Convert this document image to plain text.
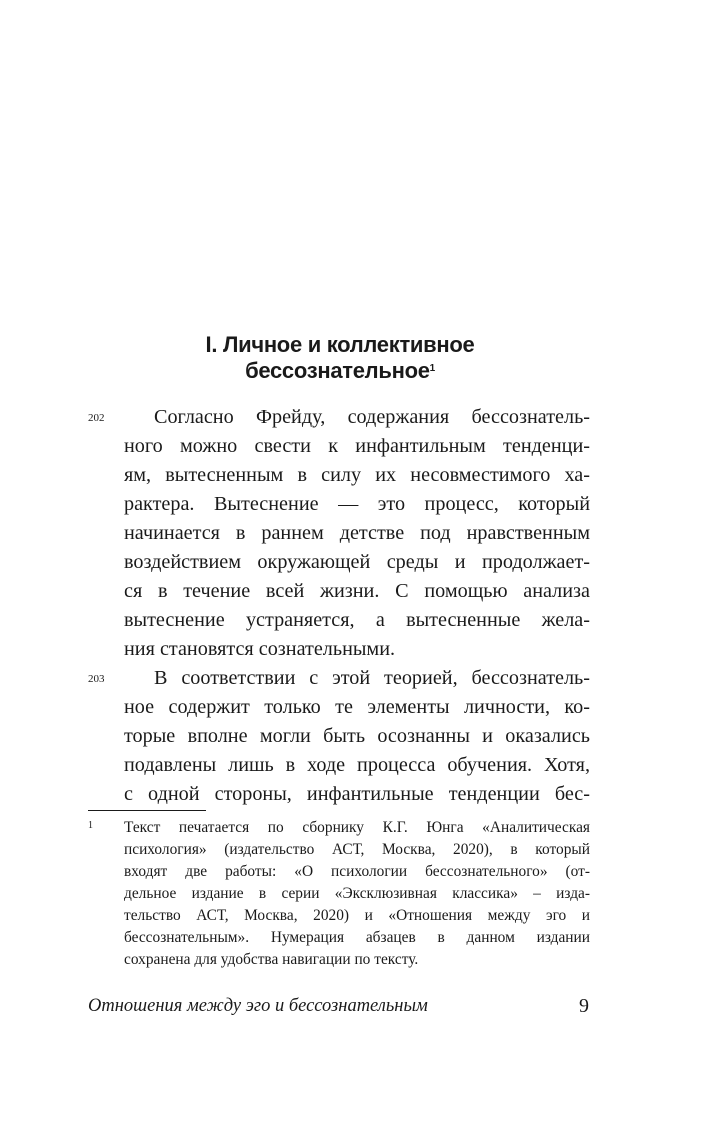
I. Личное и коллективное
бессознательное$^1$
202 Согласно Фрейду, содержания бессознатель-
ного можно свести к инфантильным тенденци-
ям, вытесненным в силу их несовместимого ха-
рактера. Вытеснение — это процесс, который
начинается в раннем детстве под нравственным
воздействием окружающей среды и продолжает-
ся в течение всей жизни. С помощью анализа
вытеснение устраняется, а вытесненные жела-
ния становятся сознательными.
203 В соответствии с этой теорией, бессознатель-
ное содержит только те элементы личности, ко-
торые вполне могли быть осознанны и оказались
подавлены лишь в ходе процесса обучения. Хотя,
с одной стороны, инфантильные тенденции бес-
1 Текст печатается по сборнику К.Г. Юнга «Аналитическая
психология» (издательство АСТ, Москва, 2020), в который
входят две работы: «О психологии бессознательного» (от-
дельное издание в серии «Эксклюзивная классика» – изда-
тельство АСТ, Москва, 2020) и «Отношения между эго и
бессознательным». Нумерация абзацев в данном издании
сохранена для удобства навигации по тексту.
Отношения между эго и бессознательным	9
